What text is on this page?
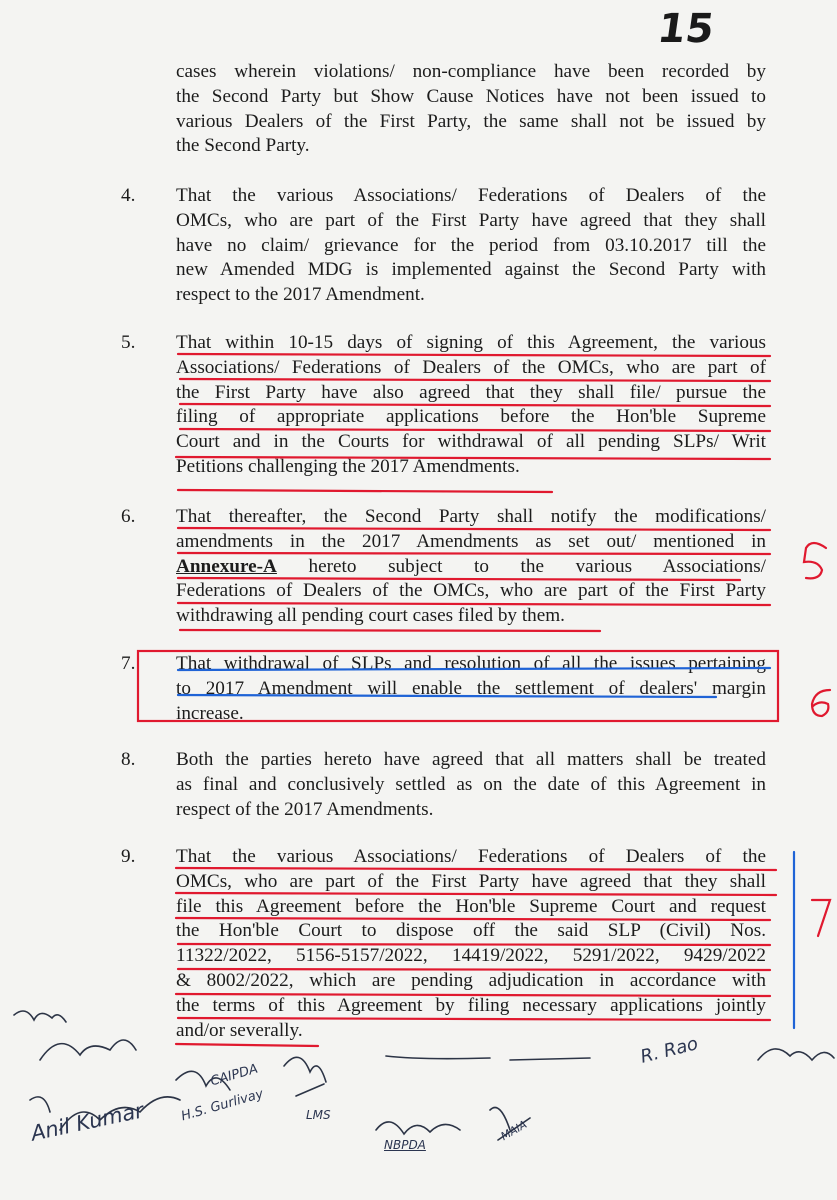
15
cases wherein violations/ non-compliance have been recorded by
the Second Party but Show Cause Notices have not been issued to
various Dealers of the First Party, the same shall not be issued by
the Second Party.
4. That the various Associations/ Federations of Dealers of the
OMCs, who are part of the First Party have agreed that they shall
have no claim/ grievance for the period from 03.10.2017 till the
new Amended MDG is implemented against the Second Party with
respect to the 2017 Amendment.
5. That within 10-15 days of signing of this Agreement, the various
Associations/ Federations of Dealers of the OMCs, who are part of
the First Party have also agreed that they shall file/ pursue the
filing of appropriate applications before the Hon'ble Supreme
Court and in the Courts for withdrawal of all pending SLPs/ Writ
Petitions challenging the 2017 Amendments.
6. That thereafter, the Second Party shall notify the modifications/
amendments in the 2017 Amendments as set out/ mentioned in
Annexure-A hereto subject to the various Associations/
Federations of Dealers of the OMCs, who are part of the First Party
withdrawing all pending court cases filed by them.
7. That withdrawal of SLPs and resolution of all the issues pertaining
to 2017 Amendment will enable the settlement of dealers' margin
increase.
8. Both the parties hereto have agreed that all matters shall be treated
as final and conclusively settled as on the date of this Agreement in
respect of the 2017 Amendments.
9. That the various Associations/ Federations of Dealers of the
OMCs, who are part of the First Party have agreed that they shall
file this Agreement before the Hon'ble Supreme Court and request
the Hon'ble Court to dispose off the said SLP (Civil) Nos.
11322/2022, 5156-5157/2022, 14419/2022, 5291/2022, 9429/2022
& 8002/2022, which are pending adjudication in accordance with
the terms of this Agreement by filing necessary applications jointly
and/or severally.
Anil Kumar
CAIPDA
H.S. Gurlivay	LMS
NBPDA
MAIA
R. Rao
